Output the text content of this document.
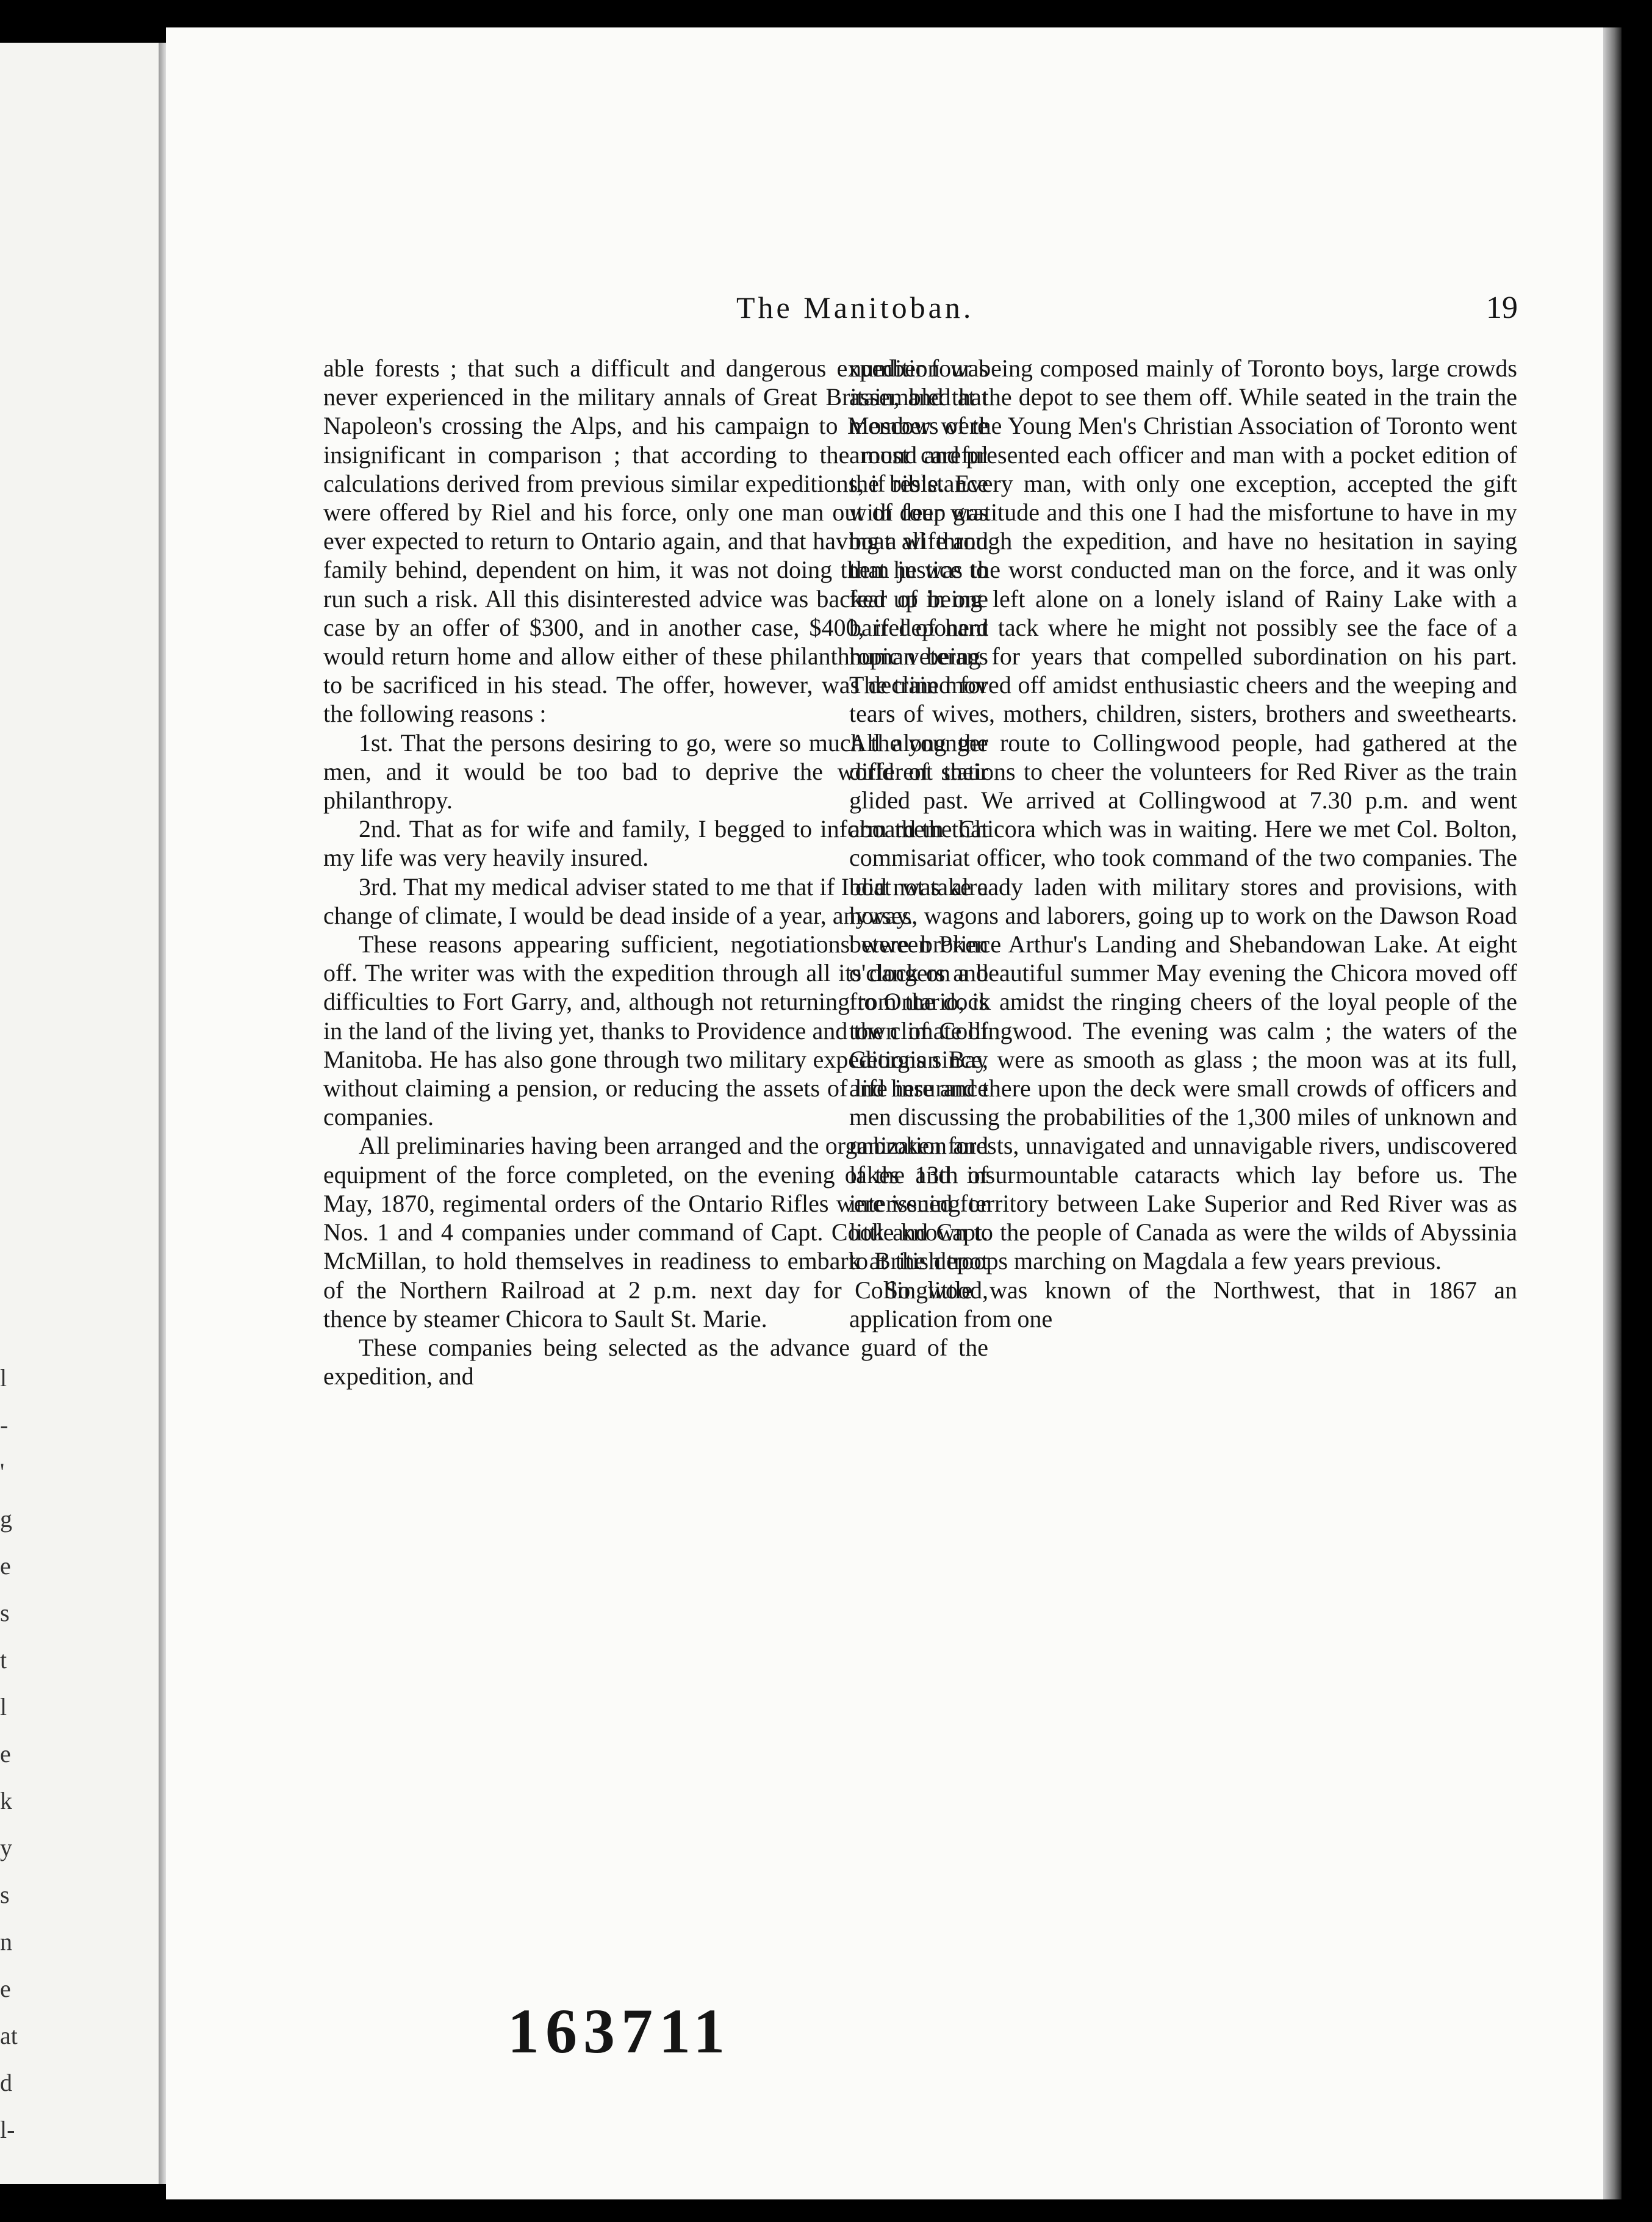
l
-
'
g
e
s
t
l
e
k
y
s
n
e
at
d
l-
The Manitoban.	19

able forests ; that such a difficult and dangerous expedition was never experienced in the military annals of Great Britain, and that Napoleon's crossing the Alps, and his campaign to Moscow were insignificant in comparison ; that according to the most careful calculations derived from previous similar expeditions, if resistance were offered by Riel and his force, only one man out of four was ever expected to return to Ontario again, and that having a wife and family behind, dependent on him, it was not doing them justice to run such a risk. All this disinterested advice was backed up in one case by an offer of $300, and in another case, $400, if deponent would return home and allow either of these philanthropic veterans to be sacrificed in his stead. The offer, however, was declined for the following reasons :

1st. That the persons desiring to go, were so much the younger men, and it would be too bad to deprive the world of their philanthropy.

2nd. That as for wife and family, I begged to inform them that my life was very heavily insured.

3rd. That my medical adviser stated to me that if I did not take a change of climate, I would be dead inside of a year, anyway.

These reasons appearing sufficient, negotiations were broken off. The writer was with the expedition through all its dangers and difficulties to Fort Garry, and, although not returning to Ontario, is in the land of the living yet, thanks to Providence and the climate of Manitoba. He has also gone through two military expeditions since, without claiming a pension, or reducing the assets of life insurance companies.

All preliminaries having been arranged and the organization and equipment of the force completed, on the evening of the 13th of May, 1870, regimental orders of the Ontario Rifles were issued for Nos. 1 and 4 companies under command of Capt. Cook and Capt. McMillan, to hold themselves in readiness to embark at the depot of the Northern Railroad at 2 p.m. next day for Collingwood, thence by steamer Chicora to Sault St. Marie.

These companies being selected as the advance guard of the expedition, and

number four being composed mainly of Toronto boys, large crowds assembled at the depot to see them off. While seated in the train the members of the Young Men's Christian Association of Toronto went around and presented each officer and man with a pocket edition of the bible. Every man, with only one exception, accepted the gift with deep gratitude and this one I had the misfortune to have in my boat all through the expedition, and have no hesitation in saying that he was the worst conducted man on the force, and it was only fear of being left alone on a lonely island of Rainy Lake with a barrel of hard tack where he might not possibly see the face of a human being for years that compelled subordination on his part. The train moved off amidst enthusiastic cheers and the weeping and tears of wives, mothers, children, sisters, brothers and sweethearts. All along the route to Collingwood people, had gathered at the different stations to cheer the volunteers for Red River as the train glided past. We arrived at Collingwood at 7.30 p.m. and went aboard the Chicora which was in waiting. Here we met Col. Bolton, commisariat officer, who took command of the two companies. The boat was already laden with military stores and provisions, with horses, wagons and laborers, going up to work on the Dawson Road between Prince Arthur's Landing and Shebandowan Lake. At eight o'clock on a beautiful summer May evening the Chicora moved off from the dock amidst the ringing cheers of the loyal people of the town of Collingwood. The evening was calm ; the waters of the Georgian Bay were as smooth as glass ; the moon was at its full, and here and there upon the deck were small crowds of officers and men discussing the probabilities of the 1,300 miles of unknown and unbroken forests, unnavigated and unnavigable rivers, undiscovered lakes and insurmountable cataracts which lay before us. The intervening territory between Lake Superior and Red River was as little known to the people of Canada as were the wilds of Abyssinia to British troops marching on Magdala a few years previous.

So little was known of the Northwest, that in 1867 an application from one

163711
